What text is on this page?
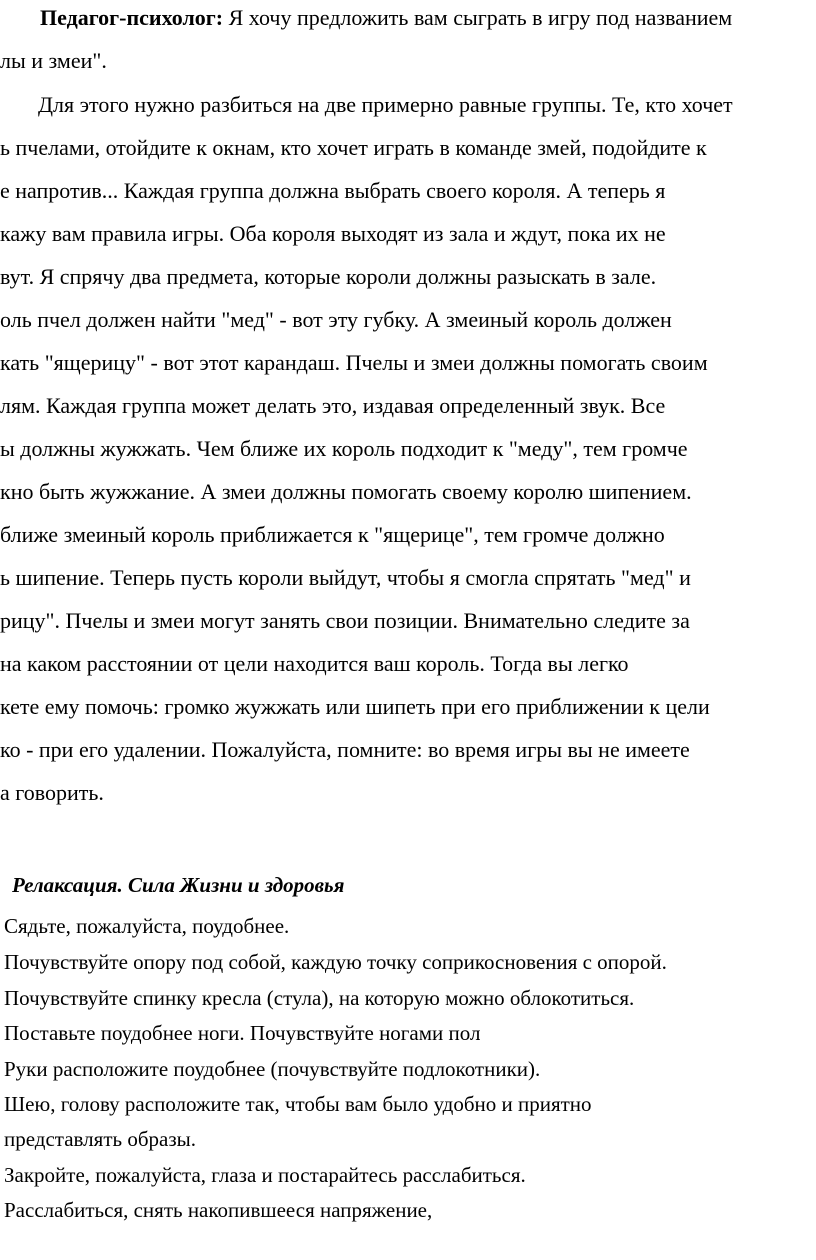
Педагог-психолог: Я хочу предложить вам сыграть в игру под названием
лы и змеи".
Для этого нужно разбиться на две примерно равные группы. Те, кто хочет
ь пчелами, отойдите к окнам, кто хочет играть в команде змей, подойдите к
е напротив... Каждая группа должна выбрать своего короля. А теперь я
кажу вам правила игры. Оба короля выходят из зала и ждут, пока их не
вут. Я спрячу два предмета, которые короли должны разыскать в зале.
оль пчел должен найти "мед" - вот эту губку. А змеиный король должен
кать "ящерицу" - вот этот карандаш. Пчелы и змеи должны помогать своим
лям. Каждая группа может делать это, издавая определенный звук. Все
ы должны жужжать. Чем ближе их король подходит к "меду", тем громче
кно быть жужжание. А змеи должны помогать своему королю шипением.
ближе змеиный король приближается к "ящерице", тем громче должно
ь шипение. Теперь пусть короли выйдут, чтобы я смогла спрятать "мед" и
рицу". Пчелы и змеи могут занять свои позиции. Внимательно следите за
на каком расстоянии от цели находится ваш король. Тогда вы легко
кете ему помочь: громко жужжать или шипеть при его приближении к цели
ко - при его удалении. Пожалуйста, помните: во время игры вы не имеете
а говорить.
Релаксация. Сила Жизни и здоровья
Сядьте, пожалуйста, поудобнее.
Почувствуйте опору под собой, каждую точку соприкосновения с опорой.
Почувствуйте спинку кресла (стула), на которую можно облокотиться.
Поставьте поудобнее ноги. Почувствуйте ногами пол
Руки расположите поудобнее (почувствуйте подлокотники).
Шею, голову расположите так, чтобы вам было удобно и приятно
представлять образы.
Закройте, пожалуйста, глаза и постарайтесь расслабиться.
Расслабиться, снять накопившееся напряжение,
